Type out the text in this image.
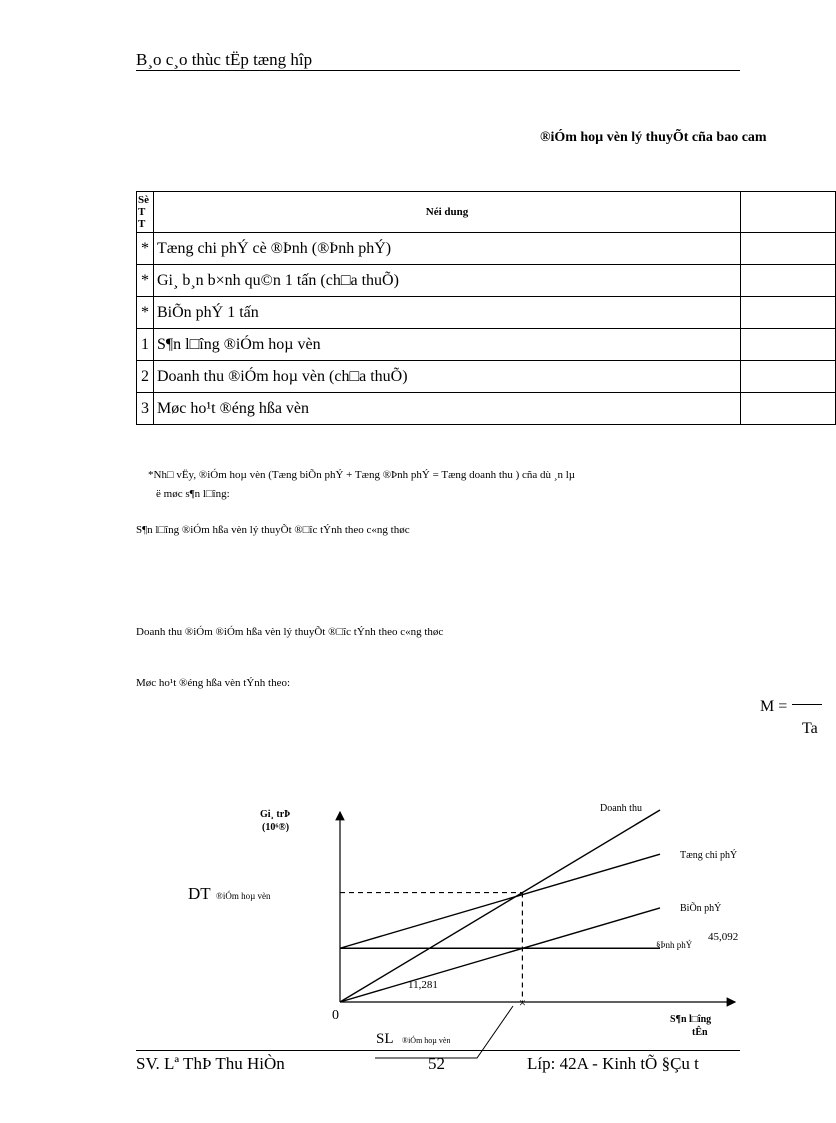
B¸o c¸o thùc tËp tæng hîp
®iÓm hoµ vèn lý thuyÕt cña bao cam
Sè T T	Néi dung	
*	Tæng chi phÝ cè ®Þnh (®Þnh phÝ)	
*	Gi¸ b¸n b×nh qu©n 1 tấn (ch□a thuÕ)	
*	BiÕn phÝ 1 tấn	
1	S¶n l□îng ®iÓm hoµ vèn	
2	Doanh thu ®iÓm hoµ vèn (ch□a thuÕ)	
3	Møc ho¹t ®éng hßa vèn	
*Nh□ vËy, ®iÓm hoµ vèn (Tæng biÕn phÝ + Tæng ®Þnh phÝ = Tæng doanh thu ) cña dù ¸n lµ
ë møc s¶n l□îng:
S¶n l□îng ®iÓm hßa vèn lý thuyÕt ®□îc tÝnh theo c«ng thøc
Doanh thu ®iÓm ®iÓm hßa vèn lý thuyÕt ®□îc tÝnh theo c«ng thøc
Møc ho¹t ®éng hßa vèn tÝnh theo:
M =
Ta
×
Gi¸ trÞ
(10⁶®)
S¶n l□îng
tÊn
Doanh thu
Tæng chi phÝ
BiÕn phÝ
§Þnh phÝ
DT ®iÓm hoµ vèn
45,092
11,281
0
SL ®iÓm hoµ vèn
SV. Lª ThÞ Thu HiÒn	52	Líp: 42A - Kinh tÕ §Çu t
